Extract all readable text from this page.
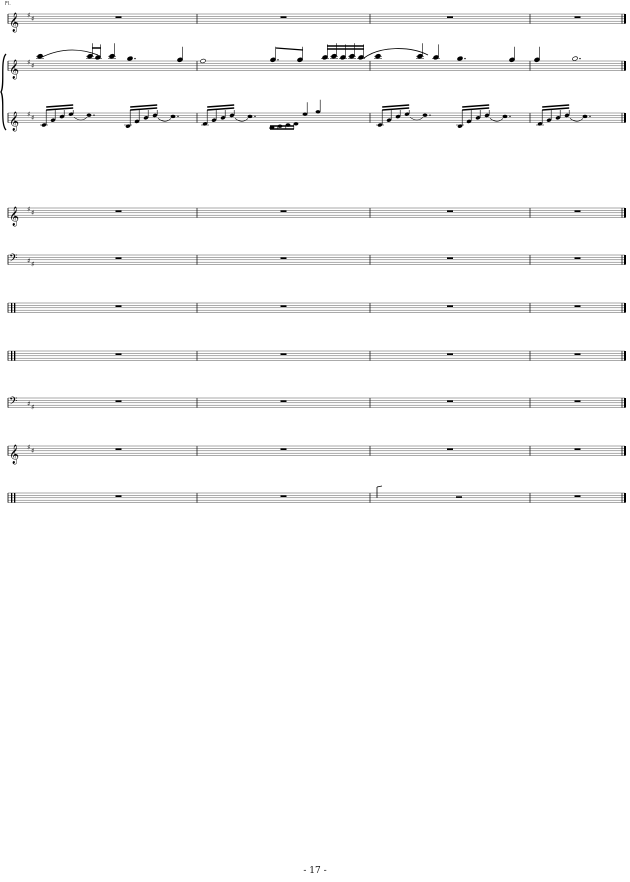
𝄞 ♯ ♯
𝄞 ♯ ♯
𝄞 ♯ ♯
𝄞 ♯ ♯
𝄢 ♯ ♯
𝄢 ♯ ♯
𝄞 ♯ ♯
Fl.
- 17 -
